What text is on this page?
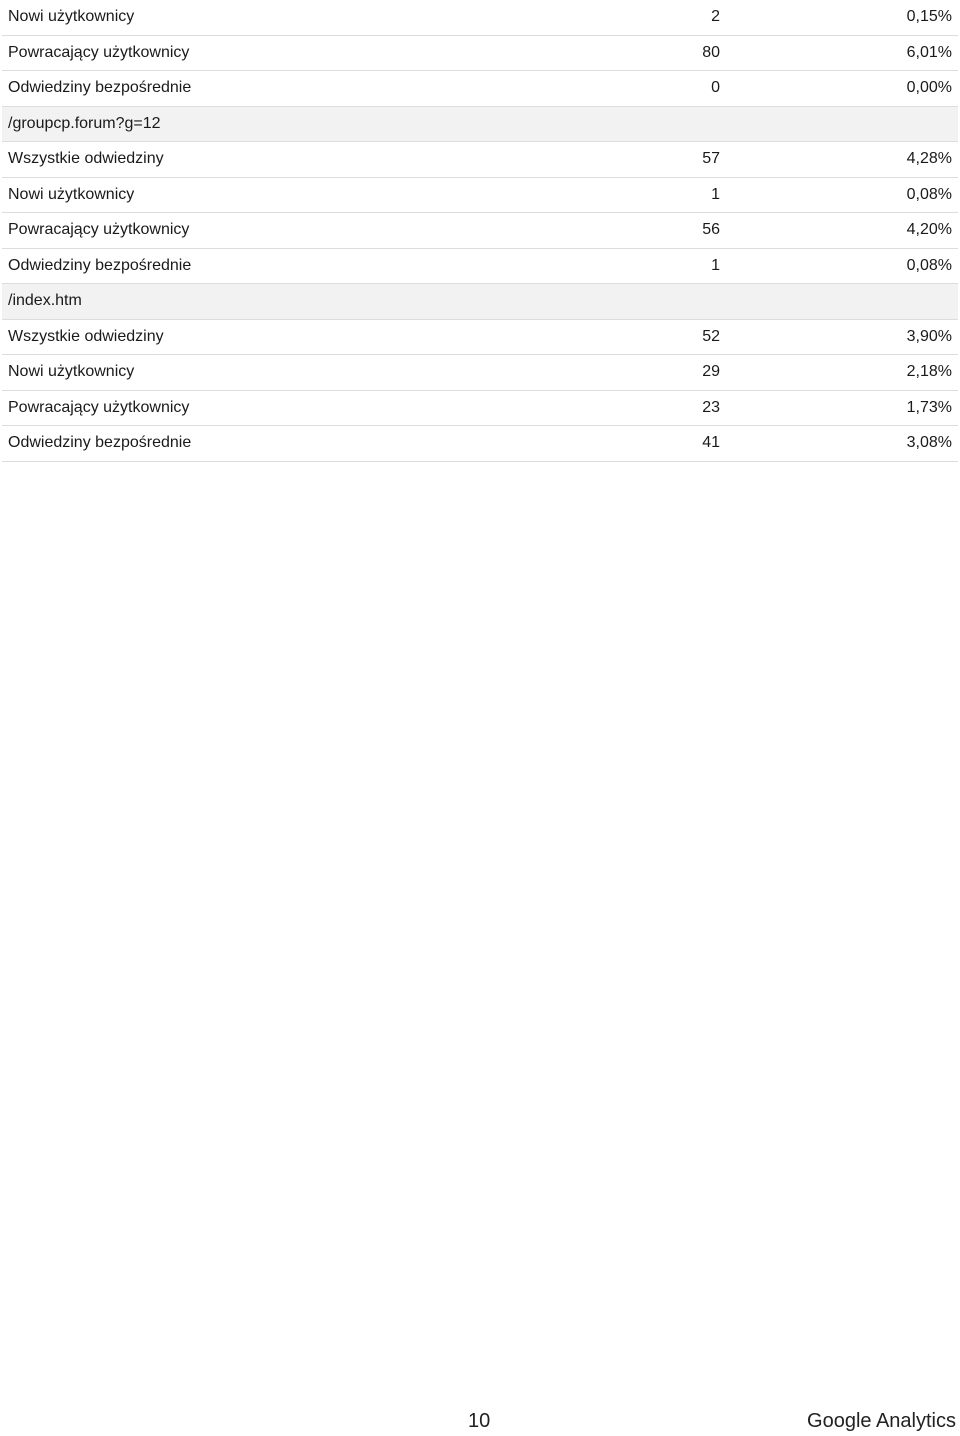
Nowi użytkownicy	2	0,15%
Powracający użytkownicy	80	6,01%
Odwiedziny bezpośrednie	0	0,00%
/groupcp.forum?g=12
Wszystkie odwiedziny	57	4,28%
Nowi użytkownicy	1	0,08%
Powracający użytkownicy	56	4,20%
Odwiedziny bezpośrednie	1	0,08%
/index.htm
Wszystkie odwiedziny	52	3,90%
Nowi użytkownicy	29	2,18%
Powracający użytkownicy	23	1,73%
Odwiedziny bezpośrednie	41	3,08%
10	Google Analytics
